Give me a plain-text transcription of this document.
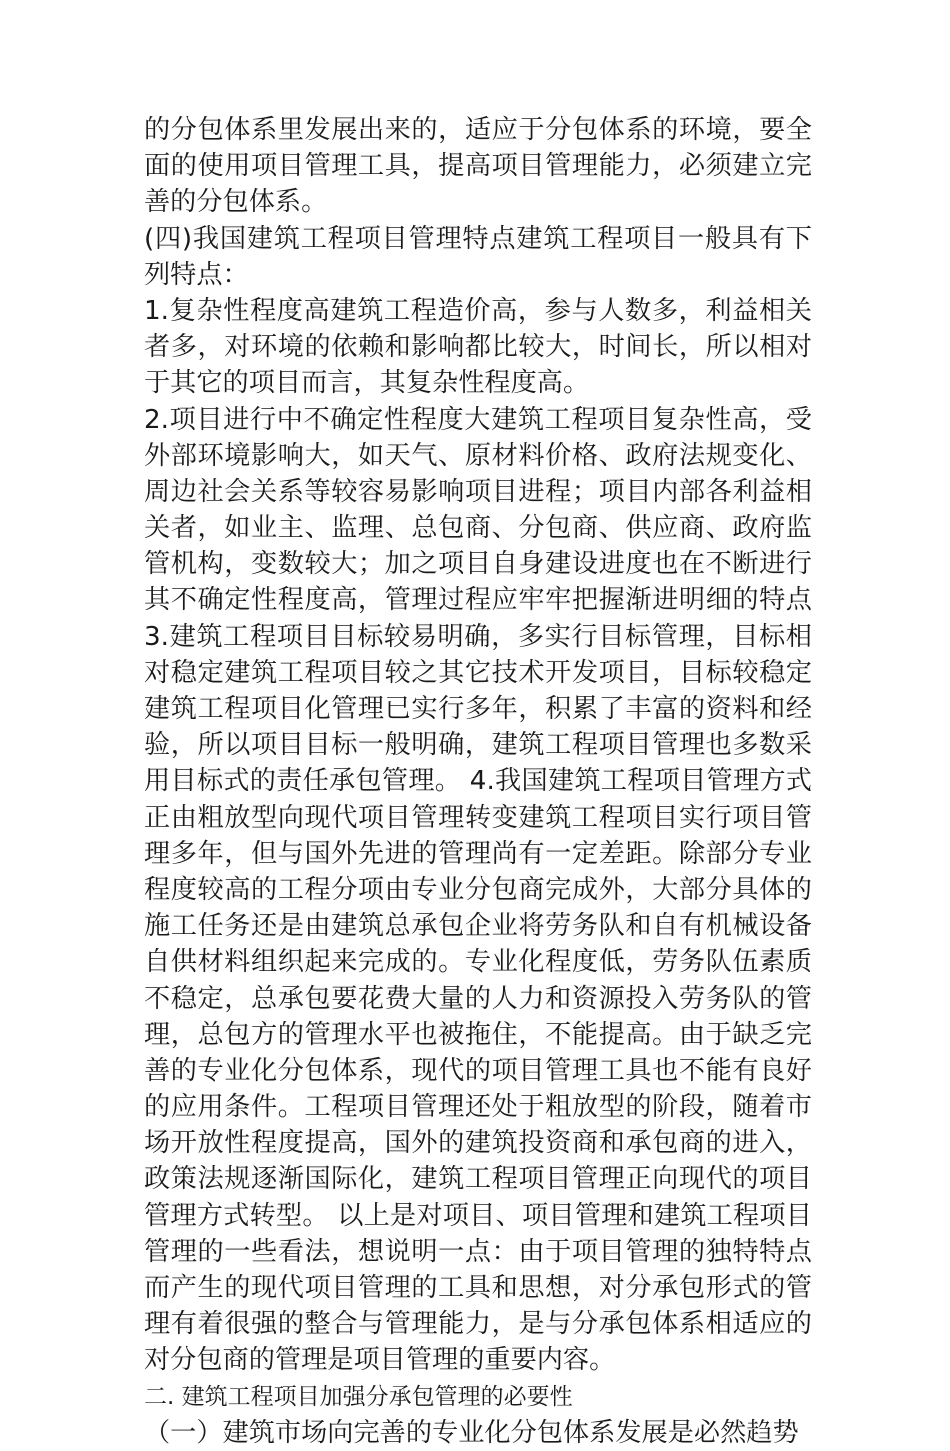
的分包体系里发展出来的，适应于分包体系的环境，要全
面的使用项目管理工具，提高项目管理能力，必须建立完
善的分包体系。
(四)我国建筑工程项目管理特点建筑工程项目一般具有下
列特点：
1.复杂性程度高建筑工程造价高，参与人数多，利益相关
者多，对环境的依赖和影响都比较大，时间长，所以相对
于其它的项目而言，其复杂性程度高。
2.项目进行中不确定性程度大建筑工程项目复杂性高，受
外部环境影响大，如天气、原材料价格、政府法规变化、
周边社会关系等较容易影响项目进程；项目内部各利益相
关者，如业主、监理、总包商、分包商、供应商、政府监
管机构，变数较大；加之项目自身建设进度也在不断进行
其不确定性程度高，管理过程应牢牢把握渐进明细的特点
3.建筑工程项目目标较易明确，多实行目标管理，目标相
对稳定建筑工程项目较之其它技术开发项目，目标较稳定
建筑工程项目化管理已实行多年，积累了丰富的资料和经
验，所以项目目标一般明确，建筑工程项目管理也多数采
用目标式的责任承包管理。 4.我国建筑工程项目管理方式
正由粗放型向现代项目管理转变建筑工程项目实行项目管
理多年，但与国外先进的管理尚有一定差距。除部分专业
程度较高的工程分项由专业分包商完成外，大部分具体的
施工任务还是由建筑总承包企业将劳务队和自有机械设备
自供材料组织起来完成的。专业化程度低，劳务队伍素质
不稳定，总承包要花费大量的人力和资源投入劳务队的管
理，总包方的管理水平也被拖住，不能提高。由于缺乏完
善的专业化分包体系，现代的项目管理工具也不能有良好
的应用条件。工程项目管理还处于粗放型的阶段，随着市
场开放性程度提高，国外的建筑投资商和承包商的进入，
政策法规逐渐国际化，建筑工程项目管理正向现代的项目
管理方式转型。 以上是对项目、项目管理和建筑工程项目
管理的一些看法，想说明一点：由于项目管理的独特特点
而产生的现代项目管理的工具和思想，对分承包形式的管
理有着很强的整合与管理能力，是与分承包体系相适应的
对分包商的管理是项目管理的重要内容。
二. 建筑工程项目加强分承包管理的必要性
（一）建筑市场向完善的专业化分包体系发展是必然趋势
